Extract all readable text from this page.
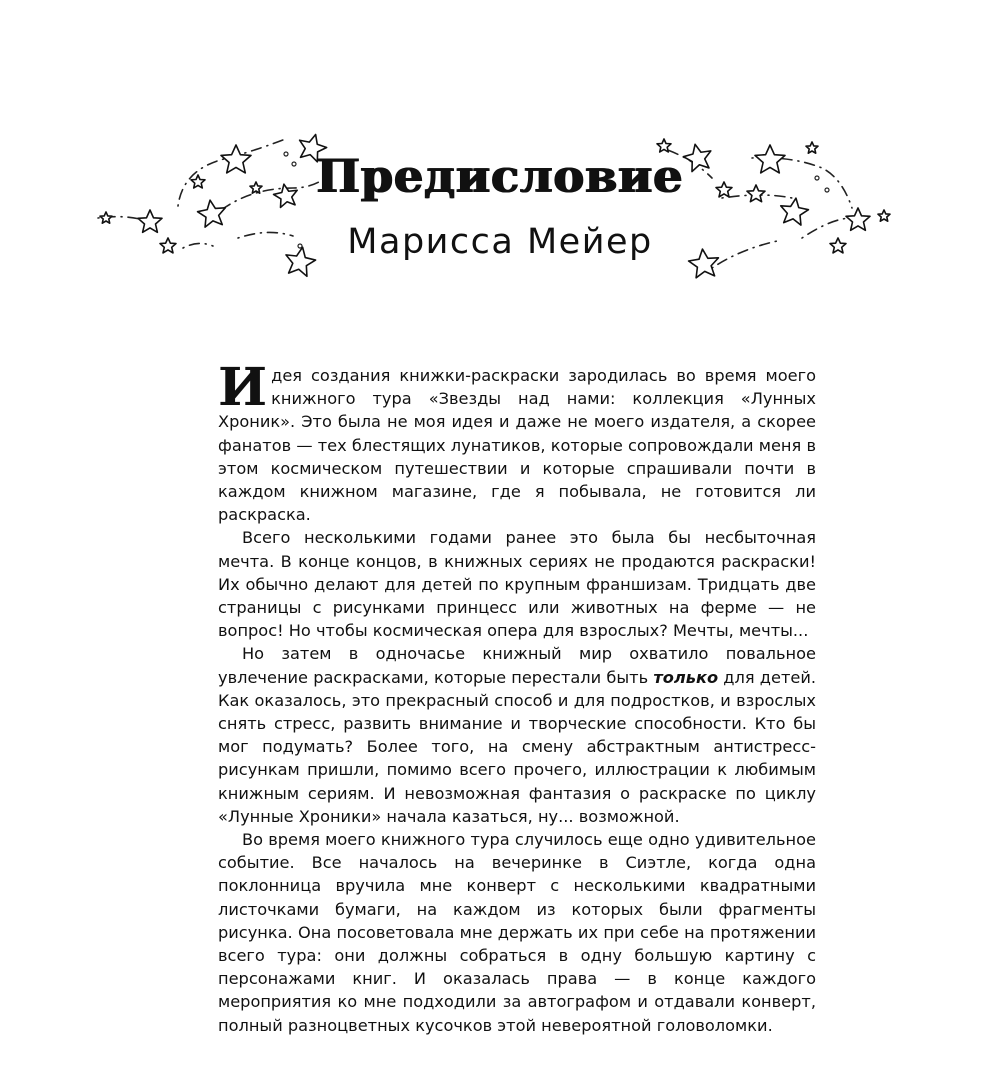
Предисловие
Марисса Мейер

Идея создания книжки-раскраски зародилась во время моего книжного тура «Звезды над нами: коллекция «Лунных Хроник». Это была не моя идея и даже не моего издателя, а скорее фанатов — тех блестящих лунатиков, которые сопровождали меня в этом космическом путешествии и которые спрашивали почти в каждом книжном магазине, где я побывала, не готовится ли раскраска.

Всего несколькими годами ранее это была бы несбыточная мечта. В конце концов, в книжных сериях не продаются раскраски! Их обычно делают для детей по крупным франшизам. Тридцать две страницы с рисунками принцесс или животных на ферме — не вопрос! Но чтобы космическая опера для взрослых? Мечты, мечты...

Но затем в одночасье книжный мир охватило повальное увлечение раскрасками, которые перестали быть только для детей. Как оказалось, это прекрасный способ и для подростков, и взрослых снять стресс, развить внимание и творческие способности. Кто бы мог подумать? Более того, на смену абстрактным антистресс-рисункам пришли, помимо всего прочего, иллюстрации к любимым книжным сериям. И невозможная фантазия о раскраске по циклу «Лунные Хроники» начала казаться, ну... возможной.

Во время моего книжного тура случилось еще одно удивительное событие. Все началось на вечеринке в Сиэтле, когда одна поклонница вручила мне конверт с несколькими квадратными листочками бумаги, на каждом из которых были фрагменты рисунка. Она посоветовала мне держать их при себе на протяжении всего тура: они должны собраться в одну большую картину с персонажами книг. И оказалась права — в конце каждого мероприятия ко мне подходили за автографом и отдавали конверт, полный разноцветных кусочков этой невероятной головоломки.
